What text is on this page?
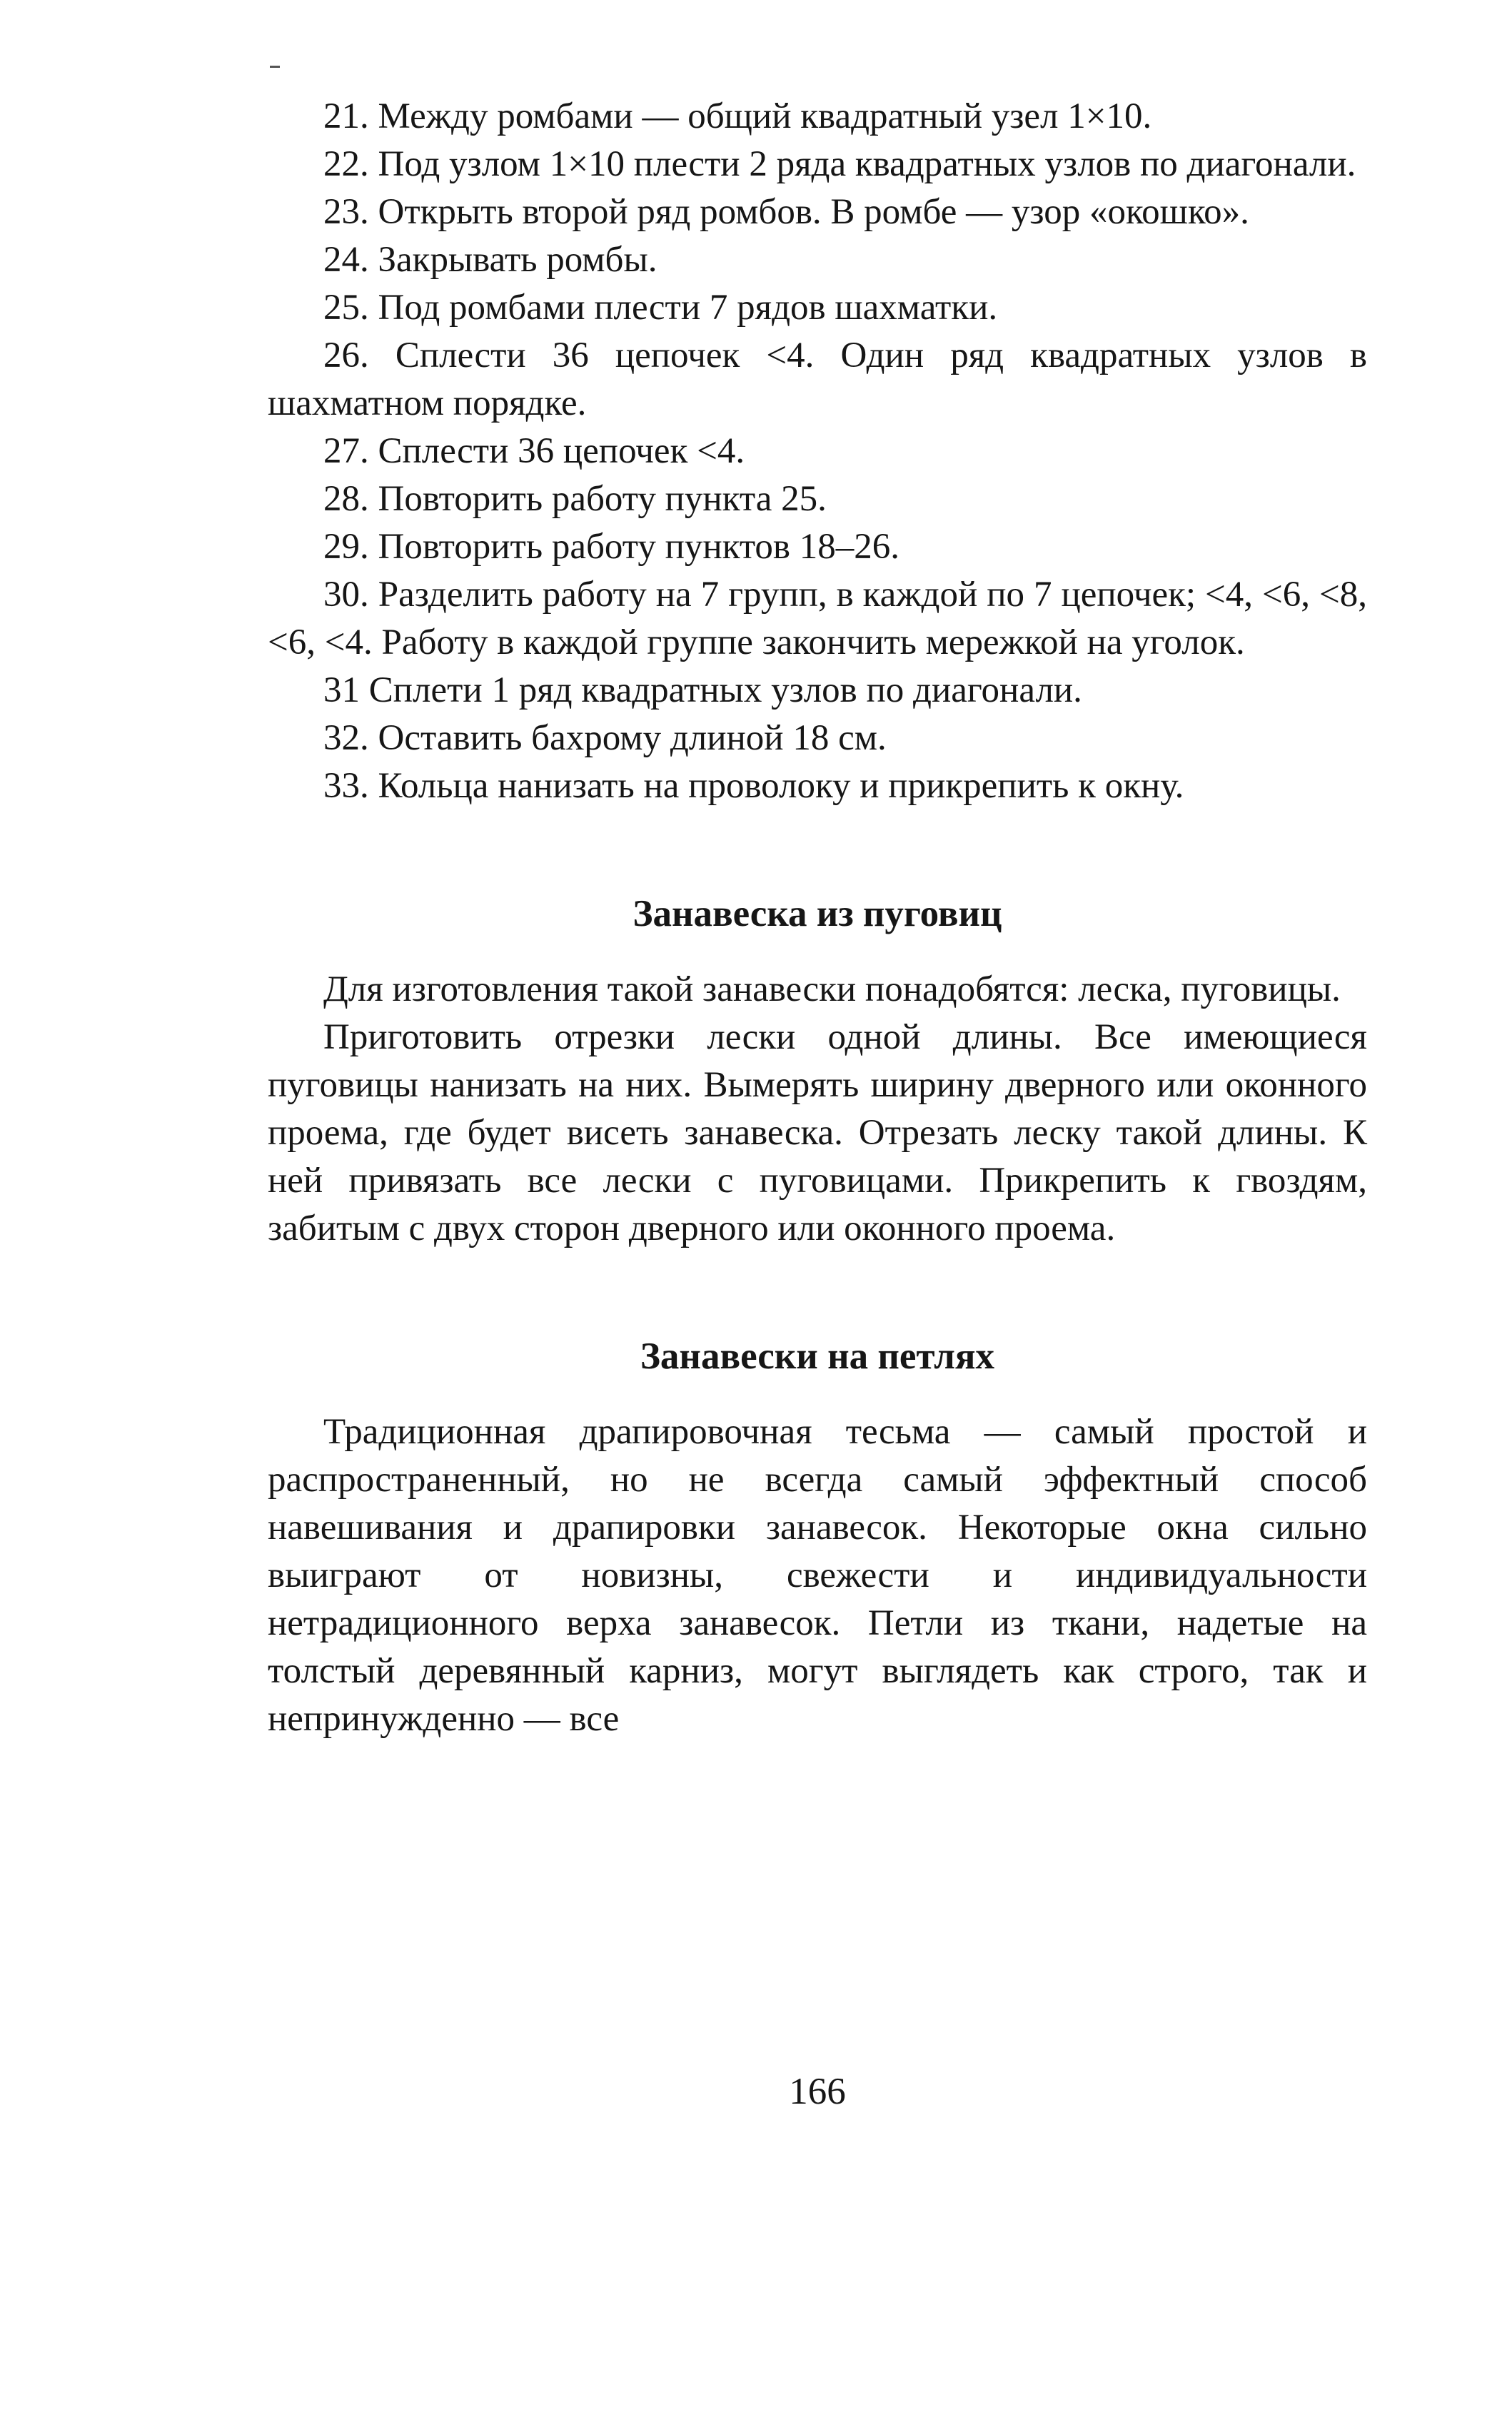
21. Между ромбами — общий квадратный узел 1×10.

22. Под узлом 1×10 плести 2 ряда квадратных узлов по диагонали.

23. Открыть второй ряд ромбов. В ромбе — узор «окошко».

24. Закрывать ромбы.

25. Под ромбами плести 7 рядов шахматки.

26. Сплести 36 цепочек <4. Один ряд квадратных узлов в шахматном порядке.

27. Сплести 36 цепочек <4.

28. Повторить работу пункта 25.

29. Повторить работу пунктов 18–26.

30. Разделить работу на 7 групп, в каждой по 7 цепочек; <4, <6, <8, <6, <4. Работу в каждой группе закончить мережкой на уголок.

31 Сплети 1 ряд квадратных узлов по диагонали.

32. Оставить бахрому длиной 18 см.

33. Кольца нанизать на проволоку и прикрепить к окну.

Занавеска из пуговиц

Для изготовления такой занавески понадобятся: леска, пуговицы.

Приготовить отрезки лески одной длины. Все имеющиеся пуговицы нанизать на них. Вымерять ширину дверного или оконного проема, где будет висеть занавеска. Отрезать леску такой длины. К ней привязать все лески с пуговицами. Прикрепить к гвоздям, забитым с двух сторон дверного или оконного проема.

Занавески на петлях

Традиционная драпировочная тесьма — самый простой и распространенный, но не всегда самый эффектный способ навешивания и драпировки занавесок. Некоторые окна сильно выиграют от новизны, свежести и индивидуальности нетрадиционного верха занавесок. Петли из ткани, надетые на толстый деревянный карниз, могут выглядеть как строго, так и непринужденно — все

166
